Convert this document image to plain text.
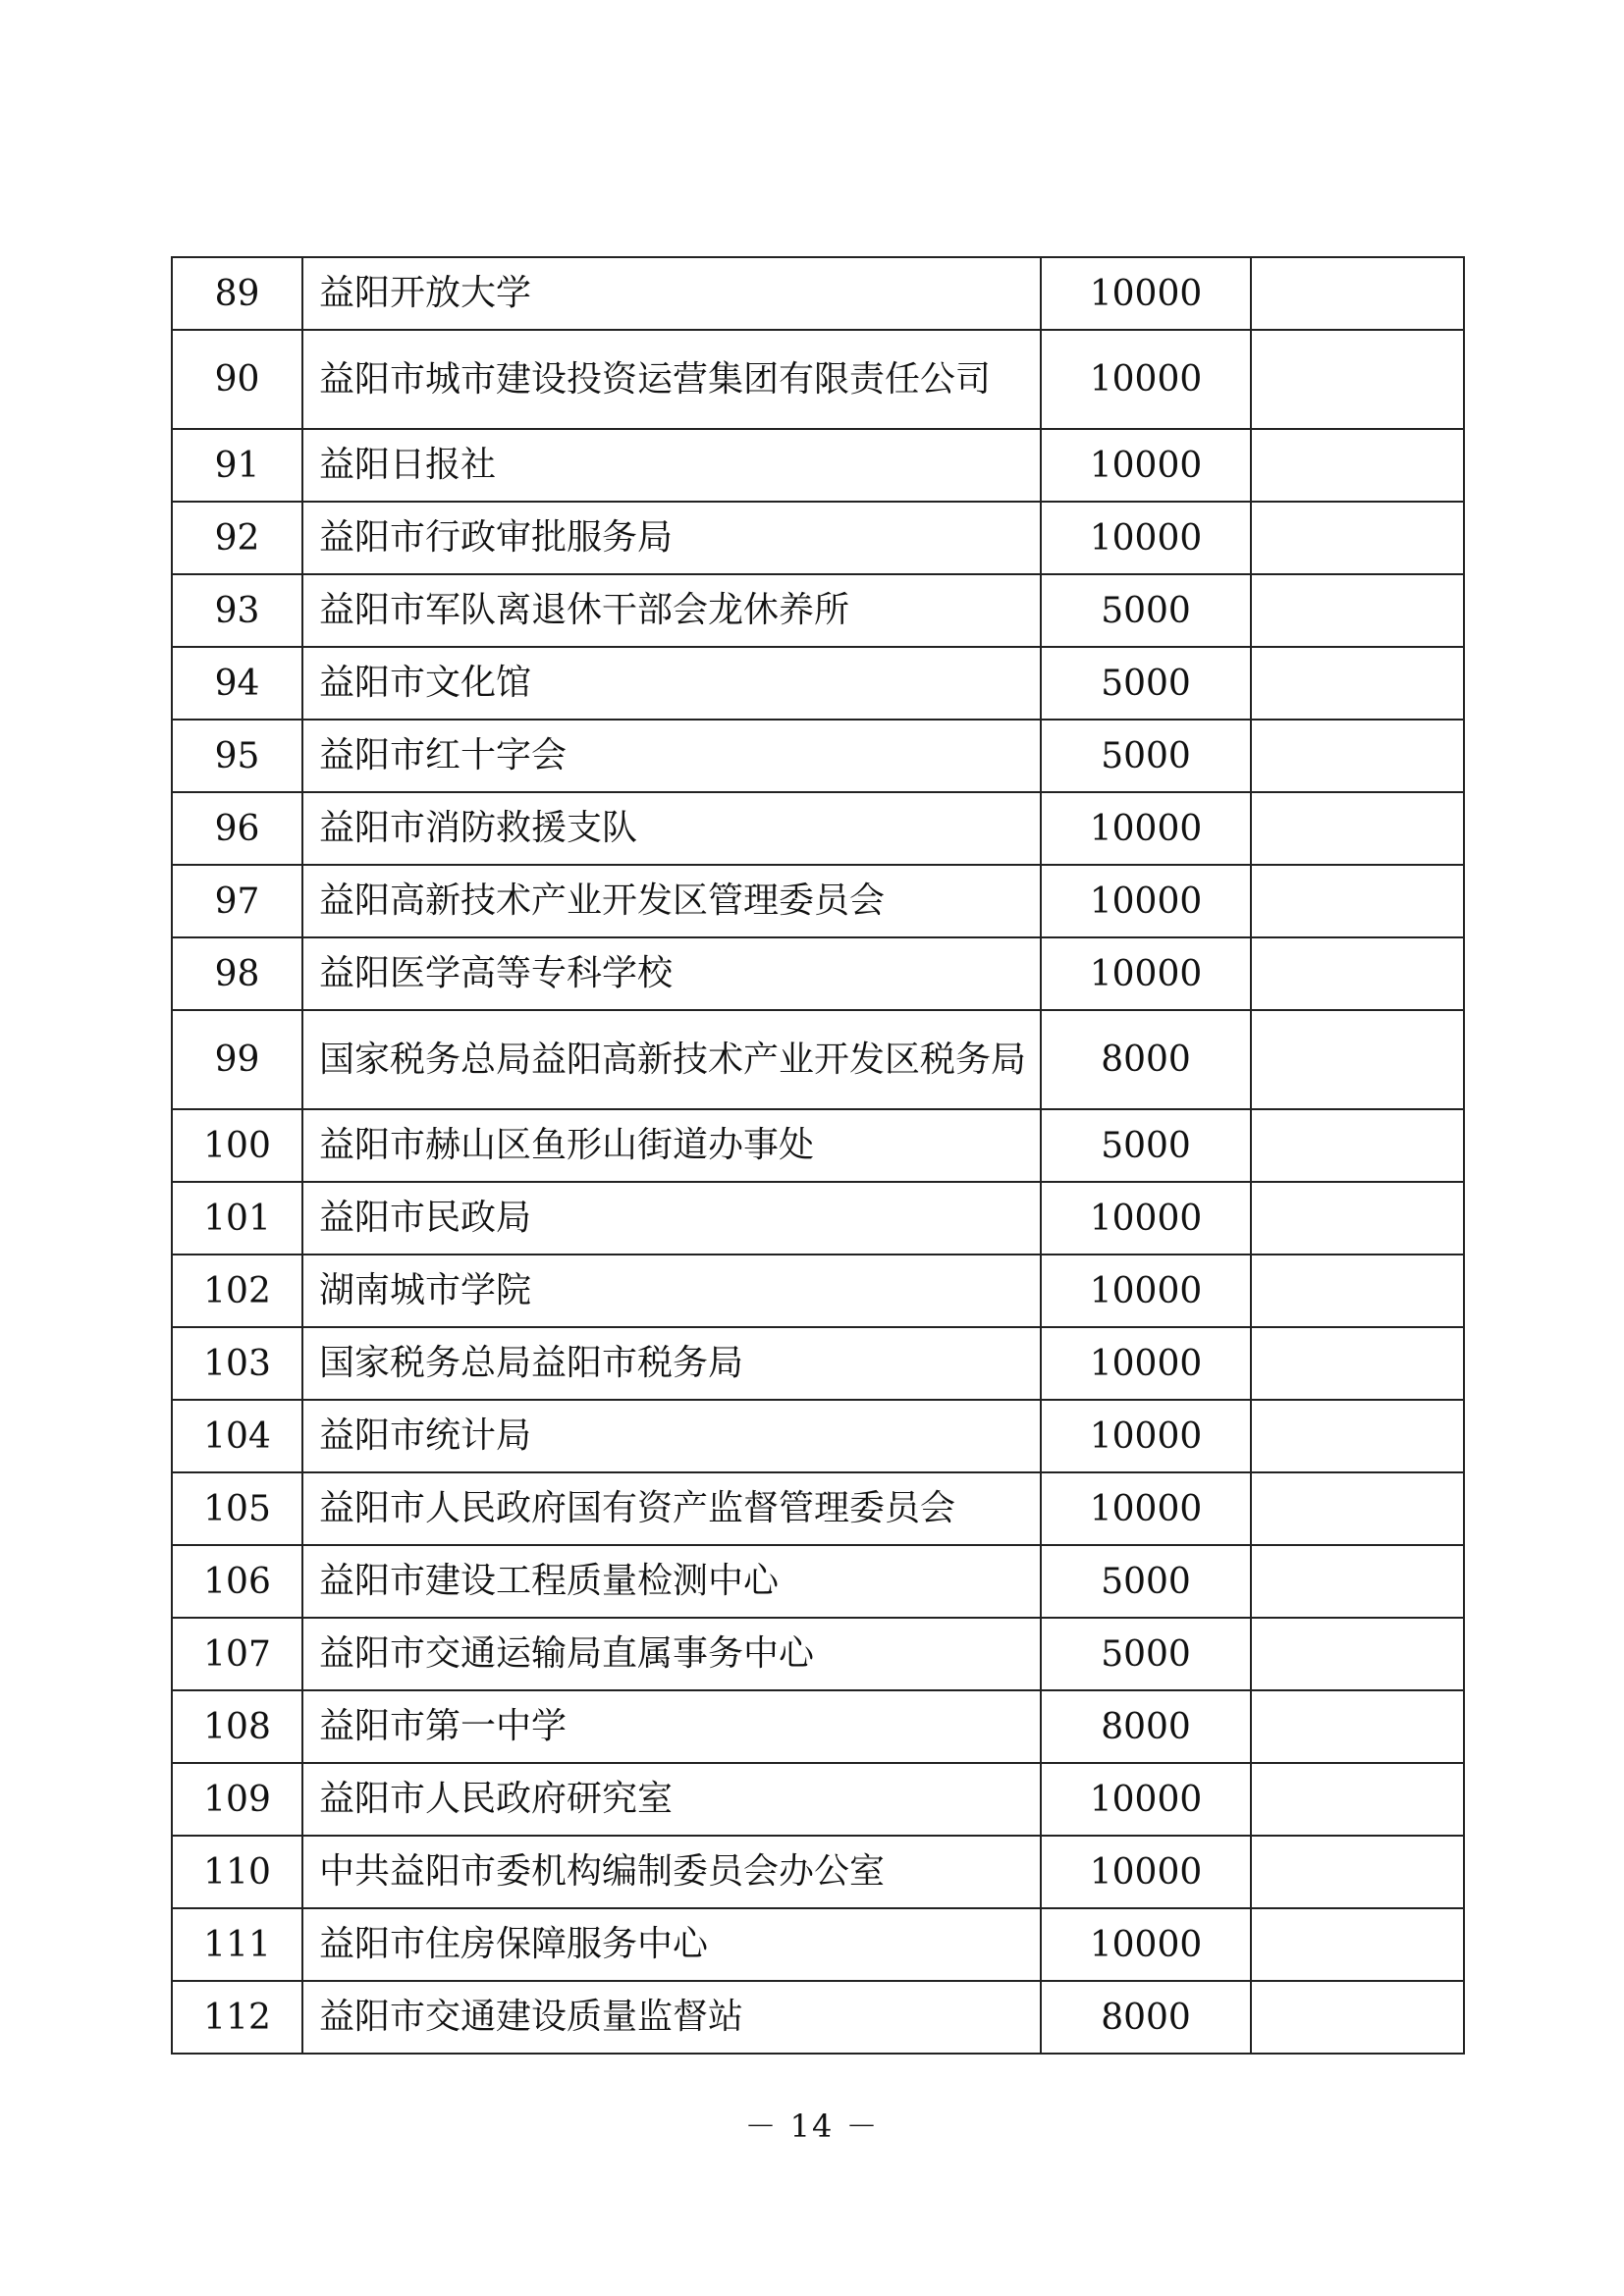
89	益阳开放大学	10000	
90	益阳市城市建设投资运营集团有限责任公司	10000	
91	益阳日报社	10000	
92	益阳市行政审批服务局	10000	
93	益阳市军队离退休干部会龙休养所	5000	
94	益阳市文化馆	5000	
95	益阳市红十字会	5000	
96	益阳市消防救援支队	10000	
97	益阳高新技术产业开发区管理委员会	10000	
98	益阳医学高等专科学校	10000	
99	国家税务总局益阳高新技术产业开发区税务局	8000	
100	益阳市赫山区鱼形山街道办事处	5000	
101	益阳市民政局	10000	
102	湖南城市学院	10000	
103	国家税务总局益阳市税务局	10000	
104	益阳市统计局	10000	
105	益阳市人民政府国有资产监督管理委员会	10000	
106	益阳市建设工程质量检测中心	5000	
107	益阳市交通运输局直属事务中心	5000	
108	益阳市第一中学	8000	
109	益阳市人民政府研究室	10000	
110	中共益阳市委机构编制委员会办公室	10000	
111	益阳市住房保障服务中心	10000	
112	益阳市交通建设质量监督站	8000	
－ 14 －
